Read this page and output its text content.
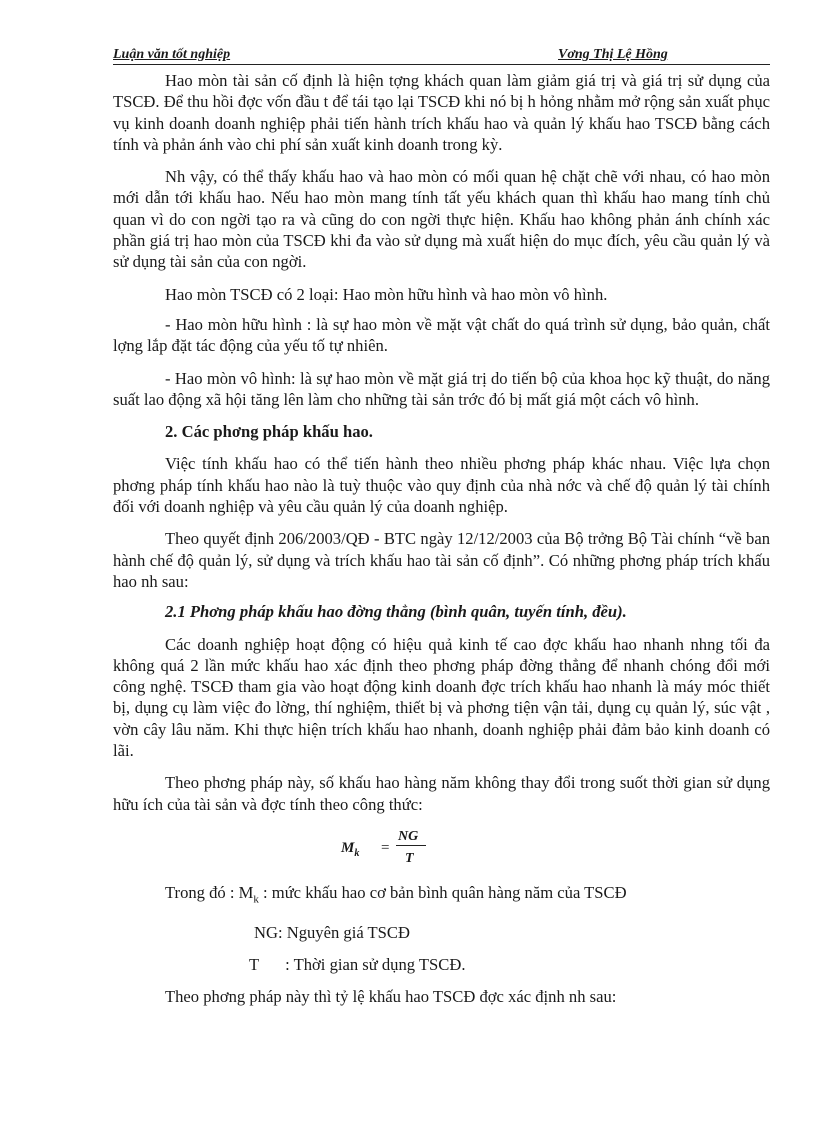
Luận văn tốt nghiệp	Vơng Thị Lệ Hồng

Hao mòn tài sản cố định là hiện tợng khách quan làm giảm giá trị và giá trị sử dụng của TSCĐ. Để thu hồi đợc vốn đầu t để tái tạo lại TSCĐ khi nó bị h hỏng nhằm mở rộng sản xuất phục vụ kinh doanh doanh nghiệp phải tiến hành trích khấu hao và quản lý khấu hao TSCĐ bằng cách tính và phản ánh vào chi phí sản xuất kinh doanh trong kỳ.

Nh vậy, có thể thấy khấu hao và hao mòn có mối quan hệ chặt chẽ với nhau, có hao mòn mới dẫn tới khấu hao. Nếu hao mòn mang tính tất yếu khách quan thì khấu hao mang tính chủ quan vì do con ngời tạo ra và cũng do con ngời thực hiện. Khấu hao không phản ánh chính xác phần giá trị hao mòn của TSCĐ khi đa vào sử dụng mà xuất hiện do mục đích, yêu cầu quản lý và sử dụng tài sản của con ngời.

Hao mòn TSCĐ có 2 loại: Hao mòn hữu hình và hao mòn vô hình.

- Hao mòn hữu hình : là sự hao mòn về mặt vật chất do quá trình sử dụng, bảo quản, chất lợng lắp đặt tác động của yếu tố tự nhiên.

- Hao mòn vô hình: là sự hao mòn về mặt giá trị do tiến bộ của khoa học kỹ thuật, do năng suất lao động xã hội tăng lên làm cho những tài sản trớc đó bị mất giá một cách vô hình.

2. Các phơng pháp khấu hao.

Việc tính khấu hao có thể tiến hành theo nhiều phơng pháp khác nhau. Việc lựa chọn phơng pháp tính khấu hao nào là tuỳ thuộc vào quy định của nhà nớc và chế độ quản lý tài chính đối với doanh nghiệp và yêu cầu quản lý của doanh nghiệp.

Theo quyết định 206/2003/QĐ - BTC ngày 12/12/2003 của Bộ trởng Bộ Tài chính “về ban hành chế độ quản lý, sử dụng và trích khấu hao tài sản cố định”. Có những phơng pháp trích khấu hao nh sau:

2.1 Phơng pháp khấu hao đờng thẳng (bình quân, tuyến tính, đều).

Các doanh nghiệp hoạt động có hiệu quả kinh tế cao đợc khấu hao nhanh nhng tối đa không quá 2 lần mức khấu hao xác định theo phơng pháp đờng thẳng để nhanh chóng đổi mới công nghệ. TSCĐ tham gia vào hoạt động kinh doanh đợc trích khấu hao nhanh là máy móc thiết bị, dụng cụ làm việc đo lờng, thí nghiệm, thiết bị và phơng tiện vận tải, dụng cụ quản lý, súc vật , vờn cây lâu năm. Khi thực hiện trích khấu hao nhanh, doanh nghiệp phải đảm bảo kinh doanh có lãi.

Theo phơng pháp này, số khấu hao hàng năm không thay đổi trong suốt thời gian sử dụng hữu ích của tài sản và đợc tính theo công thức:

$M_k$ =
NG
T
Trong đó : $M_k$ : mức khấu hao cơ bản bình quân hàng năm của TSCĐ
NG: Nguyên giá TSCĐ
T : Thời gian sử dụng TSCĐ.

Theo phơng pháp này thì tỷ lệ khấu hao TSCĐ đợc xác định nh sau:
